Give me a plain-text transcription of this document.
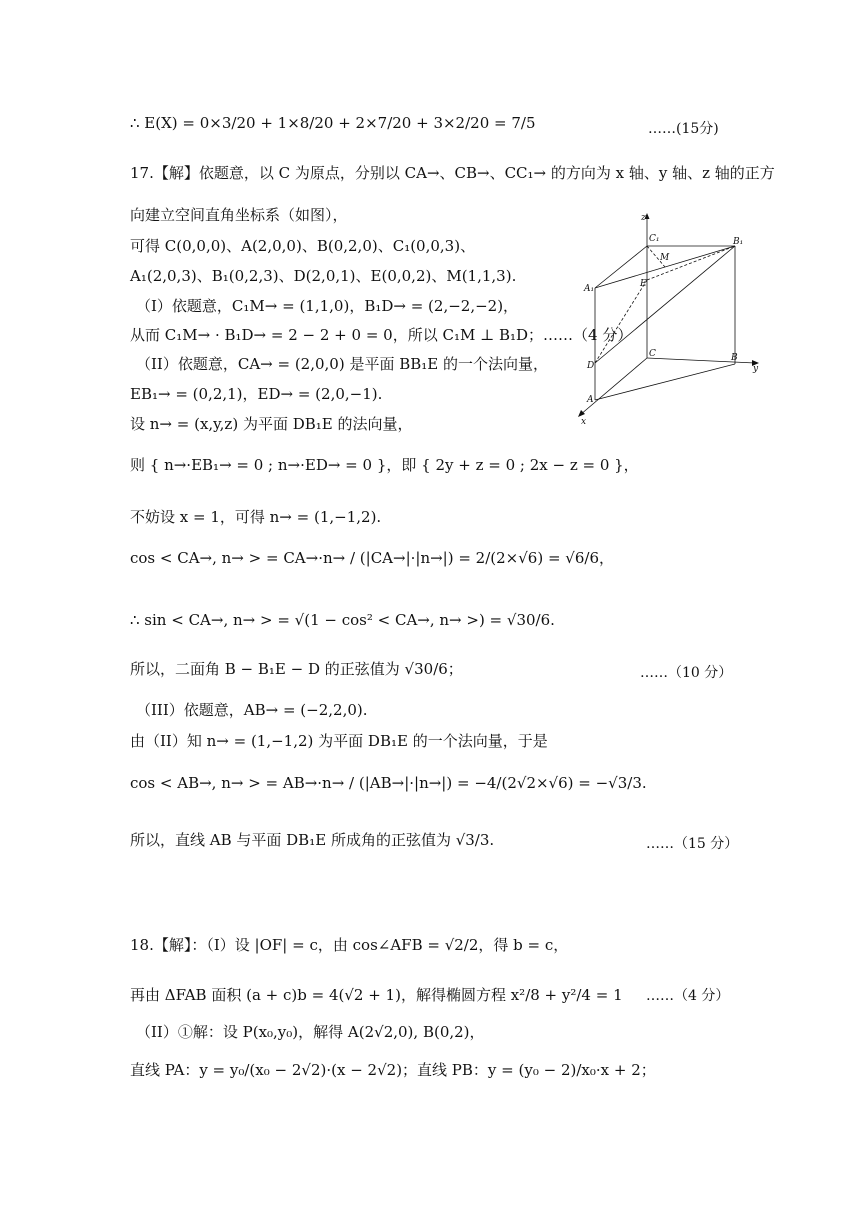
∴ E(X) = 0×3/20 + 1×8/20 + 2×7/20 + 3×2/20 = 7/5
17.【解】依题意，以 C 为原点，分别以 CA→、CB→、CC₁→ 的方向为 x 轴、y 轴、z 轴的正方
向建立空间直角坐标系（如图），
可得 C(0,0,0)、A(2,0,0)、B(0,2,0)、C₁(0,0,3)、
A₁(2,0,3)、B₁(0,2,3)、D(2,0,1)、E(0,0,2)、M(1,1,3).
（I）依题意，C₁M→ = (1,1,0)，B₁D→ = (2,−2,−2)，
从而 C₁M→ · B₁D→ = 2 − 2 + 0 = 0，所以 C₁M ⊥ B₁D；……（4 分）
（II）依题意，CA→ = (2,0,0) 是平面 BB₁E 的一个法向量，
EB₁→ = (0,2,1)，ED→ = (2,0,−1).
设 n→ = (x,y,z) 为平面 DB₁E 的法向量，
则 { n→·EB₁→ = 0 ; n→·ED→ = 0 }，即 { 2y + z = 0 ; 2x − z = 0 }，
不妨设 x = 1，可得 n→ = (1,−1,2).
cos < CA→, n→ > = CA→·n→ / (|CA→|·|n→|) = 2/(2×√6) = √6/6，
∴ sin < CA→, n→ > = √(1 − cos² < CA→, n→ >) = √30/6.
所以，二面角 B − B₁E − D 的正弦值为 √30/6；
（III）依题意，AB→ = (−2,2,0).
由（II）知 n→ = (1,−1,2) 为平面 DB₁E 的一个法向量，于是
cos < AB→, n→ > = AB→·n→ / (|AB→|·|n→|) = −4/(2√2×√6) = −√3/3.
所以，直线 AB 与平面 DB₁E 所成角的正弦值为 √3/3.
18.【解】：（I）设 |OF| = c，由 cos∠AFB = √2/2，得 b = c，
再由 ΔFAB 面积 (a + c)b = 4(√2 + 1)，解得椭圆方程 x²/8 + y²/4 = 1
（II）①解：设 P(x₀,y₀)，解得 A(2√2,0), B(0,2)，
直线 PA：y = y₀/(x₀ − 2√2)·(x − 2√2)；直线 PB：y = (y₀ − 2)/x₀·x + 2；
……(15分)
……（10 分）
……（15 分）
……（4 分）
z
C₁	B₁
M
A₁	E
C	B
y
D
A
x
